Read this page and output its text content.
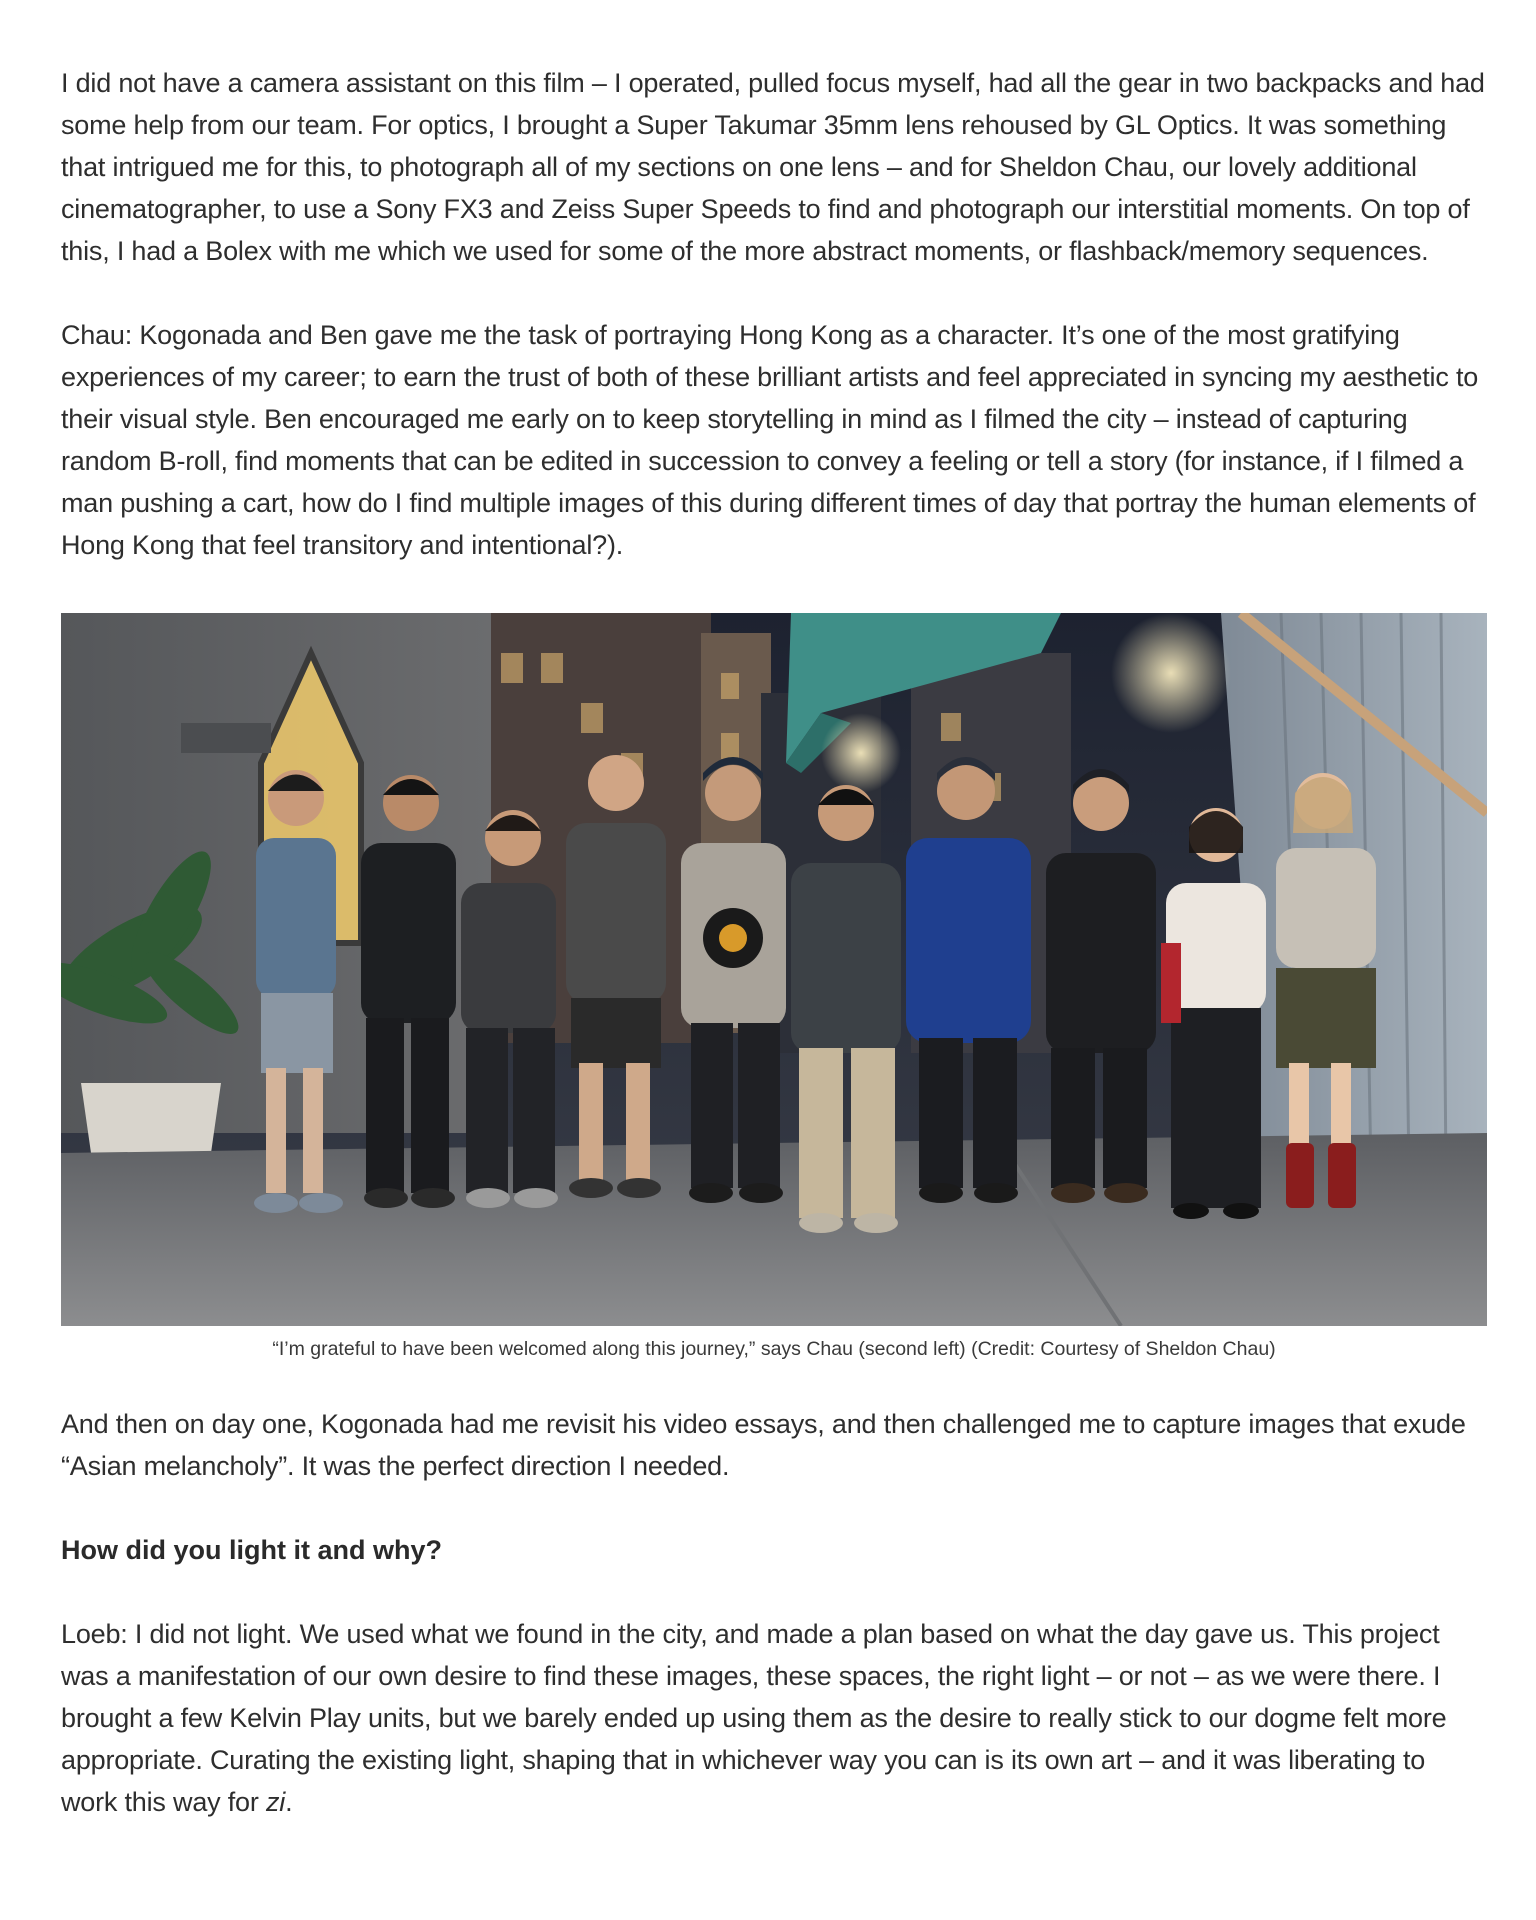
I did not have a camera assistant on this film – I operated, pulled focus myself, had all the gear in two backpacks and had some help from our team. For optics, I brought a Super Takumar 35mm lens rehoused by GL Optics. It was something that intrigued me for this, to photograph all of my sections on one lens – and for Sheldon Chau, our lovely additional cinematographer, to use a Sony FX3 and Zeiss Super Speeds to find and photograph our interstitial moments. On top of this, I had a Bolex with me which we used for some of the more abstract moments, or flashback/memory sequences.

Chau: Kogonada and Ben gave me the task of portraying Hong Kong as a character. It’s one of the most gratifying experiences of my career; to earn the trust of both of these brilliant artists and feel appreciated in syncing my aesthetic to their visual style. Ben encouraged me early on to keep storytelling in mind as I filmed the city – instead of capturing random B-roll, find moments that can be edited in succession to convey a feeling or tell a story (for instance, if I filmed a man pushing a cart, how do I find multiple images of this during different times of day that portray the human elements of Hong Kong that feel transitory and intentional?).

“I’m grateful to have been welcomed along this journey,” says Chau (second left) (Credit: Courtesy of Sheldon Chau)

And then on day one, Kogonada had me revisit his video essays, and then challenged me to capture images that exude “Asian melancholy”. It was the perfect direction I needed.

How did you light it and why?

Loeb: I did not light. We used what we found in the city, and made a plan based on what the day gave us. This project was a manifestation of our own desire to find these images, these spaces, the right light – or not – as we were there. I brought a few Kelvin Play units, but we barely ended up using them as the desire to really stick to our dogme felt more appropriate. Curating the existing light, shaping that in whichever way you can is its own art – and it was liberating to work this way for zi.
